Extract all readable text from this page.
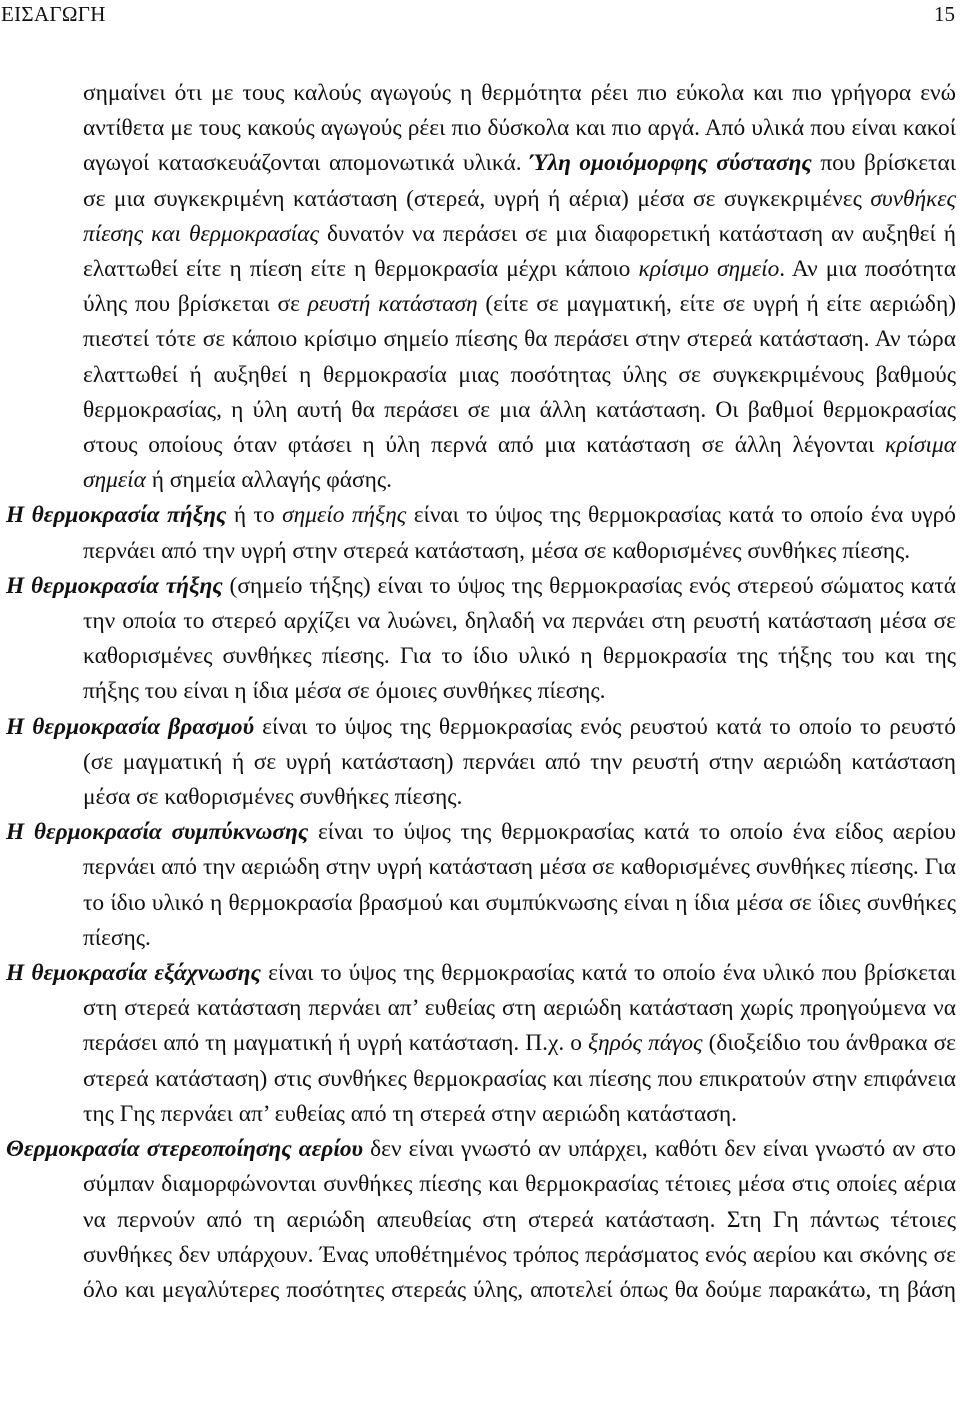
ΕΙΣΑΓΩΓΗ	15

σημαίνει ότι με τους καλούς αγωγούς η θερμότητα ρέει πιο εύκολα και πιο γρήγορα ενώ αντίθετα με τους κακούς αγωγούς ρέει πιο δύσκολα και πιο αργά. Από υλικά που είναι κακοί αγωγοί κατασκευάζονται απομονωτικά υλικά. Ύλη ομοιόμορφης σύστασης που βρίσκεται σε μια συγκεκριμένη κατάσταση (στερεά, υγρή ή αέρια) μέσα σε συγκεκριμένες συνθήκες πίεσης και θερμοκρασίας δυνατόν να περάσει σε μια διαφορετική κατάσταση αν αυξηθεί ή ελαττωθεί είτε η πίεση είτε η θερμοκρασία μέχρι κάποιο κρίσιμο σημείο. Αν μια ποσότητα ύλης που βρίσκεται σε ρευστή κατάσταση (είτε σε μαγματική, είτε σε υγρή ή είτε αεριώδη) πιεστεί τότε σε κάποιο κρίσιμο σημείο πίεσης θα περάσει στην στερεά κατάσταση. Αν τώρα ελαττωθεί ή αυξηθεί η θερμοκρασία μιας ποσότητας ύλης σε συγκεκριμένους βαθμούς θερμοκρασίας, η ύλη αυτή θα περάσει σε μια άλλη κατάσταση. Οι βαθμοί θερμοκρασίας στους οποίους όταν φτάσει η ύλη περνά από μια κατάσταση σε άλλη λέγονται κρίσιμα σημεία ή σημεία αλλαγής φάσης.

Η θερμοκρασία πήξης ή το σημείο πήξης είναι το ύψος της θερμοκρασίας κατά το οποίο ένα υγρό περνάει από την υγρή στην στερεά κατάσταση, μέσα σε καθορισμένες συνθήκες πίεσης.

Η θερμοκρασία τήξης (σημείο τήξης) είναι το ύψος της θερμοκρασίας ενός στερεού σώματος κατά την οποία το στερεό αρχίζει να λυώνει, δηλαδή να περνάει στη ρευστή κατάσταση μέσα σε καθορισμένες συνθήκες πίεσης. Για το ίδιο υλικό η θερμοκρασία της τήξης του και της πήξης του είναι η ίδια μέσα σε όμοιες συνθήκες πίεσης.

Η θερμοκρασία βρασμού είναι το ύψος της θερμοκρασίας ενός ρευστού κατά το οποίο το ρευστό (σε μαγματική ή σε υγρή κατάσταση) περνάει από την ρευστή στην αεριώδη κατάσταση μέσα σε καθορισμένες συνθήκες πίεσης.

Η θερμοκρασία συμπύκνωσης είναι το ύψος της θερμοκρασίας κατά το οποίο ένα είδος αερίου περνάει από την αεριώδη στην υγρή κατάσταση μέσα σε καθορισμένες συνθήκες πίεσης. Για το ίδιο υλικό η θερμοκρασία βρασμού και συμπύκνωσης είναι η ίδια μέσα σε ίδιες συνθήκες πίεσης.

Η θεμοκρασία εξάχνωσης είναι το ύψος της θερμοκρασίας κατά το οποίο ένα υλικό που βρίσκεται στη στερεά κατάσταση περνάει απ’ ευθείας στη αεριώδη κατάσταση χωρίς προηγούμενα να περάσει από τη μαγματική ή υγρή κατάσταση. Π.χ. ο ξηρός πάγος (διοξείδιο του άνθρακα σε στερεά κατάσταση) στις συνθήκες θερμοκρασίας και πίεσης που επικρατούν στην επιφάνεια της Γης περνάει απ’ ευθείας από τη στερεά στην αεριώδη κατάσταση.

Θερμοκρασία στερεοποίησης αερίου δεν είναι γνωστό αν υπάρχει, καθότι δεν είναι γνωστό αν στο σύμπαν διαμορφώνονται συνθήκες πίεσης και θερμοκρασίας τέτοιες μέσα στις οποίες αέρια να περνούν από τη αεριώδη απευθείας στη στερεά κατάσταση. Στη Γη πάντως τέτοιες συνθήκες δεν υπάρχουν. Ένας υποθέτημένος τρόπος περάσματος ενός αερίου και σκόνης σε όλο και μεγαλύτερες ποσότητες στερεάς ύλης, αποτελεί όπως θα δούμε παρακάτω, τη βάση
